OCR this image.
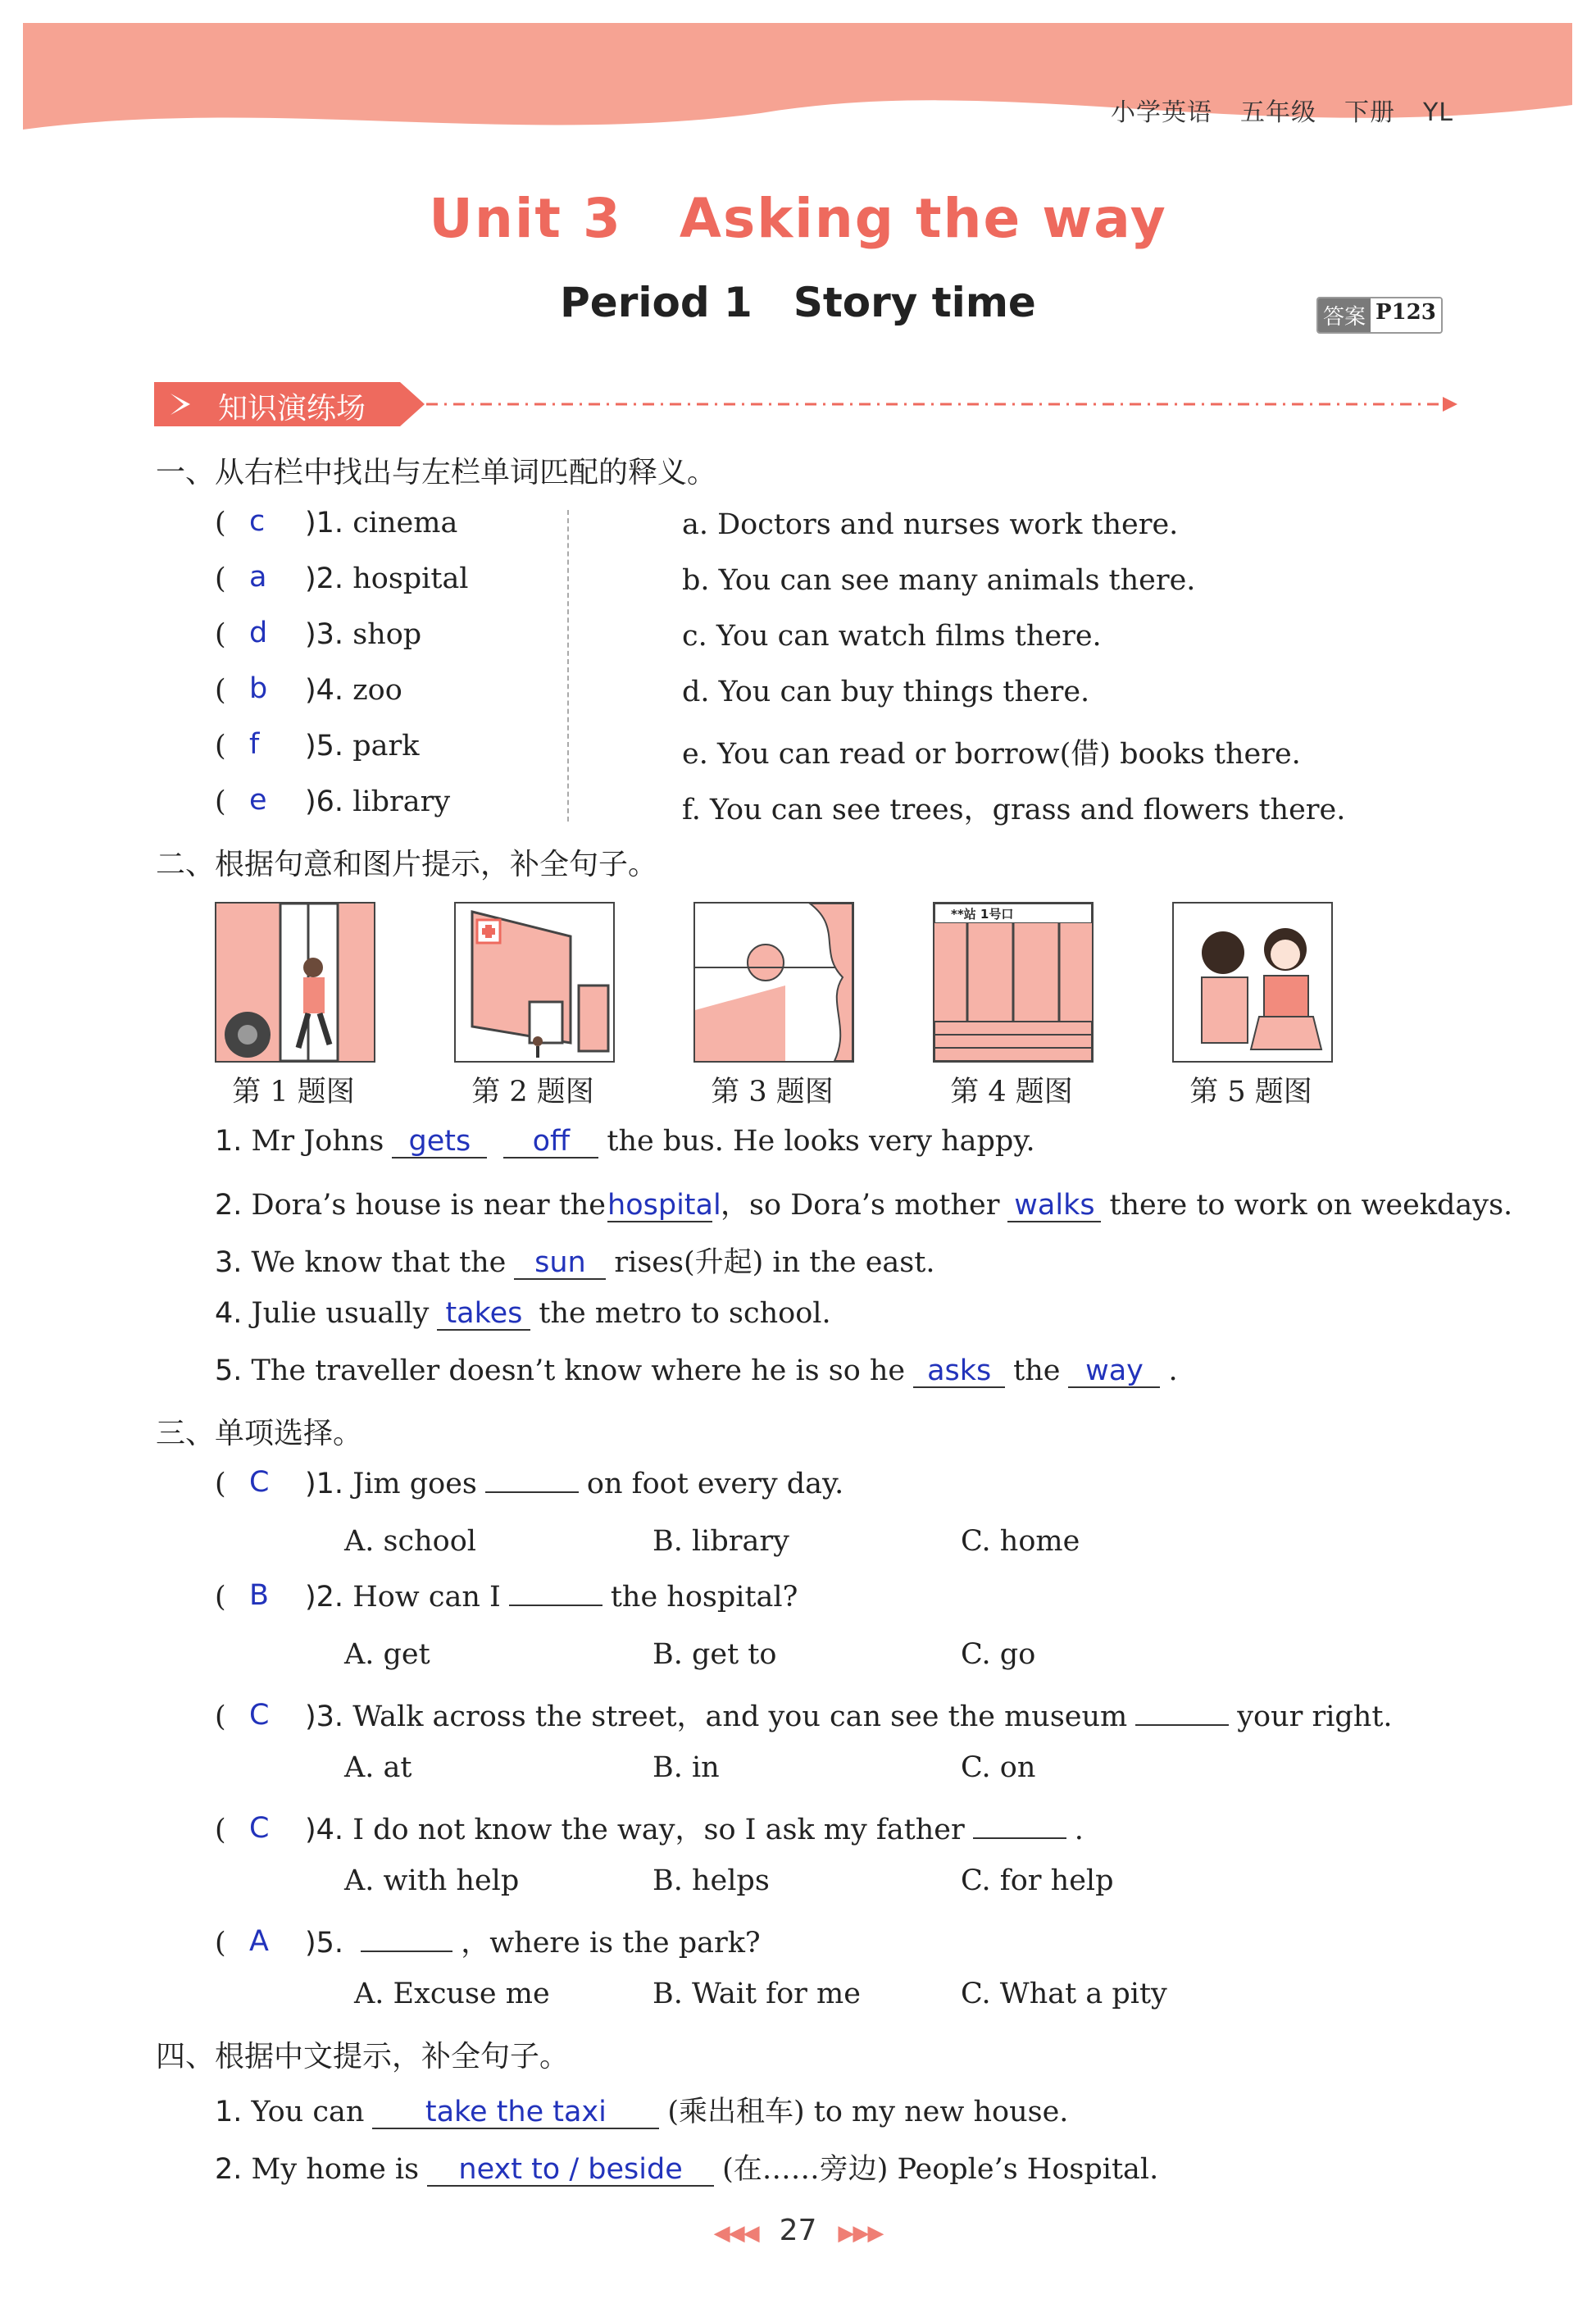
小学英语 五年级 下册 YL
Unit 3 Asking the way
Period 1 Story time	答案 P123
知识演练场
一、从右栏中找出与左栏单词匹配的释义。
( c )1. cinema
( a )2. hospital
( d )3. shop
( b )4. zoo
( f )5. park
( e )6. library
a. Doctors and nurses work there.
b. You can see many animals there.
c. You can watch films there.
d. You can buy things there.
e. You can read or borrow(借) books there.
f. You can see trees，grass and flowers there.
二、根据句意和图片提示，补全句子。
**站 1号口
第 1 题图	第 2 题图	第 3 题图	第 4 题图	第 5 题图
1. Mr Johns gets off the bus. He looks very happy.
2. Dora’s house is near thehospital，so Dora’s mother walks there to work on weekdays.
3. We know that the sun rises(升起) in the east.
4. Julie usually takes the metro to school.
5. The traveller doesn’t know where he is so he asks the way .
三、单项选择。
( C )1. Jim goes	on foot every day.
A. school	B. library	C. home
( B )2. How can I	the hospital?
A. get	B. get to	C. go
( C )3. Walk across the street，and you can see the museum	your right.
A. at	B. in	C. on
( C )4. I do not know the way，so I ask my father	.
A. with help	B. helps	C. for help
( A )5.	，where is the park?
A. Excuse me	B. Wait for me	C. What a pity
四、根据中文提示，补全句子。
1. You can take the taxi (乘出租车) to my new house.
2. My home is next to / beside (在……旁边) People’s Hospital.
◀◀◀ 27 ▶▶▶
